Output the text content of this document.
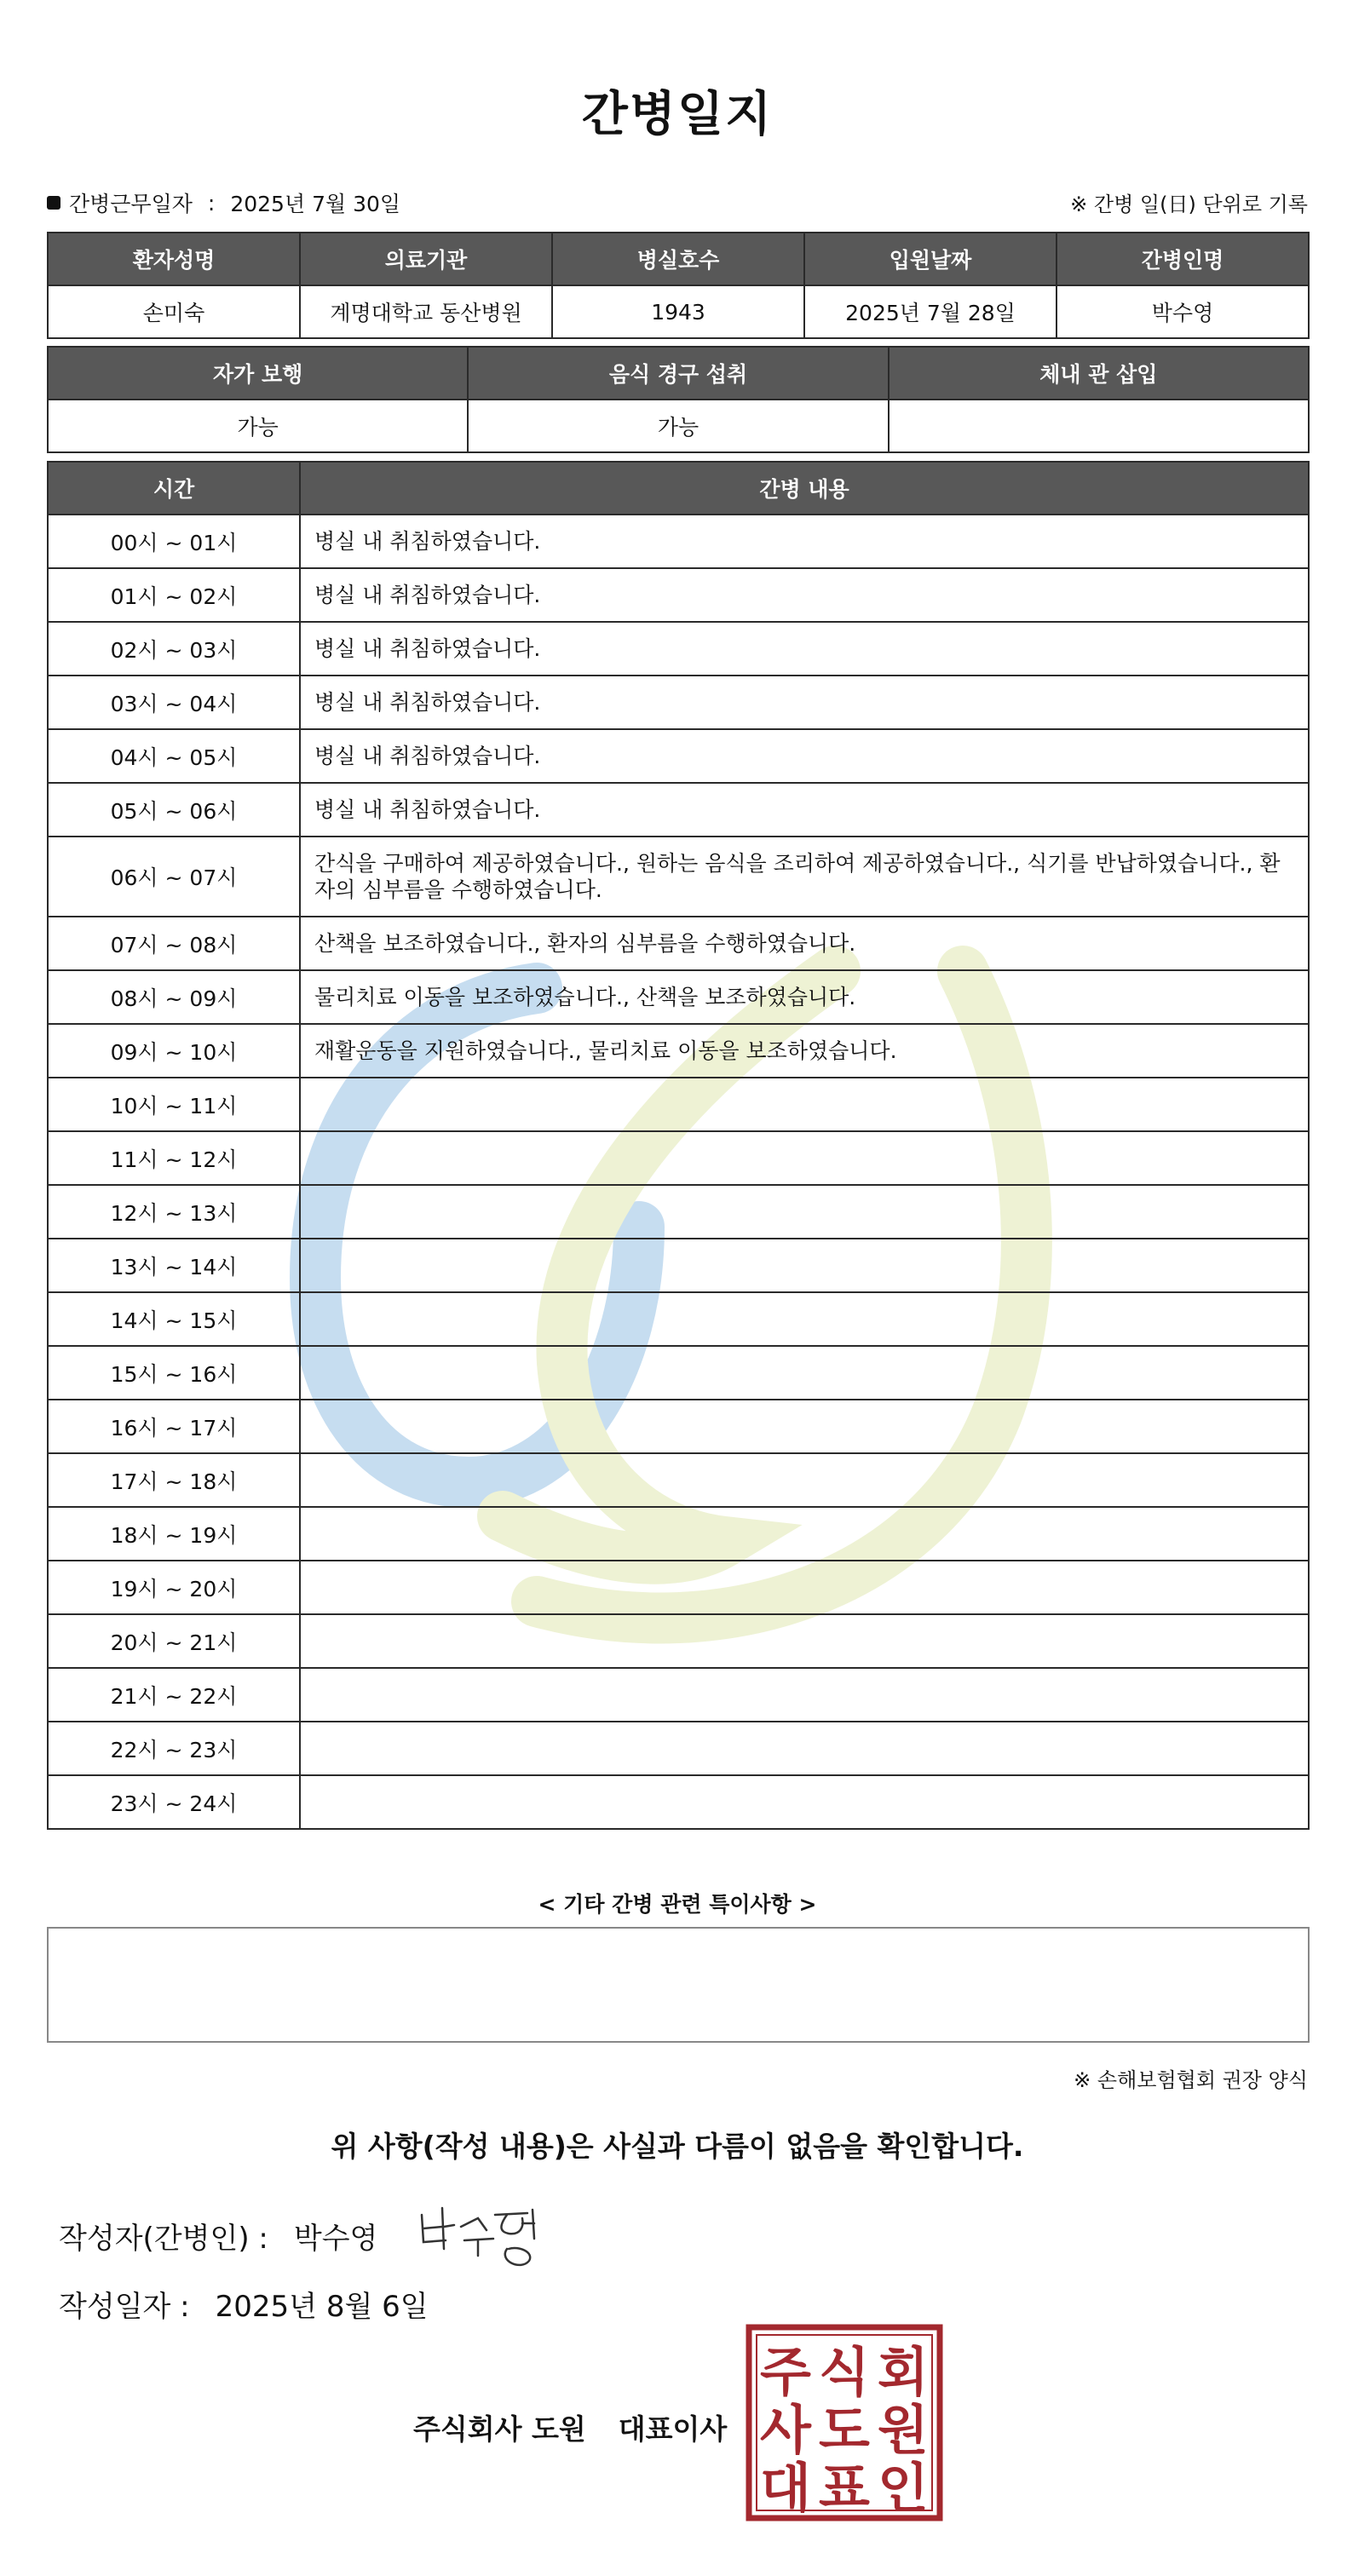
간병일지
간병근무일자 : 2025년 7월 30일	※ 간병 일(日) 단위로 기록
환자성명	의료기관	병실호수	입원날짜	간병인명
손미숙	계명대학교 동산병원	1943	2025년 7월 28일	박수영
자가 보행	음식 경구 섭취	체내 관 삽입
가능	가능	
시간	간병 내용
00시 ~ 01시	병실 내 취침하였습니다.
01시 ~ 02시	병실 내 취침하였습니다.
02시 ~ 03시	병실 내 취침하였습니다.
03시 ~ 04시	병실 내 취침하였습니다.
04시 ~ 05시	병실 내 취침하였습니다.
05시 ~ 06시	병실 내 취침하였습니다.
06시 ~ 07시	간식을 구매하여 제공하였습니다., 원하는 음식을 조리하여 제공하였습니다., 식기를 반납하였습니다., 환자의 심부름을 수행하였습니다.
07시 ~ 08시	산책을 보조하였습니다., 환자의 심부름을 수행하였습니다.
08시 ~ 09시	물리치료 이동을 보조하였습니다., 산책을 보조하였습니다.
09시 ~ 10시	재활운동을 지원하였습니다., 물리치료 이동을 보조하였습니다.
10시 ~ 11시	
11시 ~ 12시	
12시 ~ 13시	
13시 ~ 14시	
14시 ~ 15시	
15시 ~ 16시	
16시 ~ 17시	
17시 ~ 18시	
18시 ~ 19시	
19시 ~ 20시	
20시 ~ 21시	
21시 ~ 22시	
22시 ~ 23시	
23시 ~ 24시	
< 기타 간병 관련 특이사항 >
※ 손해보험협회 권장 양식
위 사항(작성 내용)은 사실과 다름이 없음을 확인합니다.
작성자(간병인) : 박수영
작성일자 : 2025년 8월 6일
주식회사 도원 대표이사
주 식 회
사 도 원
대 표 인
